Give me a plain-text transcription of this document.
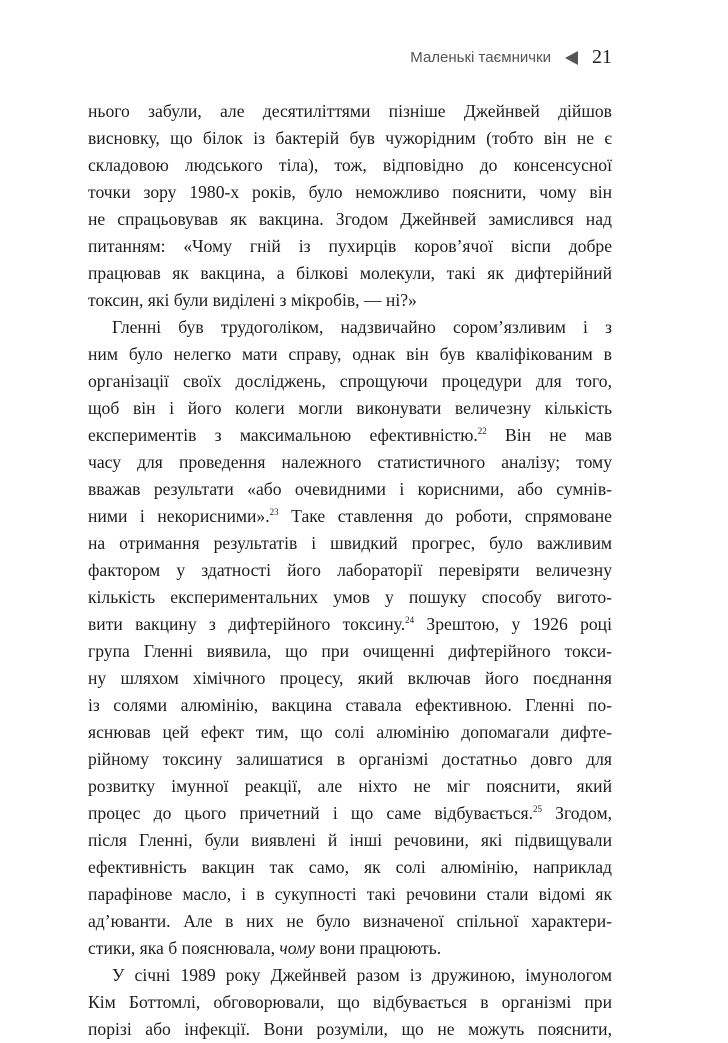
Маленькі таємнички 21
нього забули, але десятиліттями пізніше Джейнвей дійшов
висновку, що білок із бактерій був чужорідним (тобто він не є
складовою людського тіла), тож, відповідно до консенсусної
точки зору 1980-х років, було неможливо пояснити, чому він
не спрацьовував як вакцина. Згодом Джейнвей замислився над
питанням: «Чому гній із пухирців коров’ячої віспи добре
працював як вакцина, а білкові молекули, такі як дифтерійний
токсин, які були виділені з мікробів, — ні?»
Гленні був трудоголіком, надзвичайно сором’язливим і з
ним було нелегко мати справу, однак він був кваліфікованим в
організації своїх досліджень, спрощуючи процедури для того,
щоб він і його колеги могли виконувати величезну кількість
експериментів з максимальною ефективністю.$^{22}$ Він не мав
часу для проведення належного статистичного аналізу; тому
вважав результати «або очевидними і корисними, або сумнів-
ними і некорисними».$^{23}$ Таке ставлення до роботи, спрямоване
на отримання результатів і швидкий прогрес, було важливим
фактором у здатності його лабораторії перевіряти величезну
кількість експериментальних умов у пошуку способу вигото-
вити вакцину з дифтерійного токсину.$^{24}$ Зрештою, у 1926 році
група Гленні виявила, що при очищенні дифтерійного токси-
ну шляхом хімічного процесу, який включав його поєднання
із солями алюмінію, вакцина ставала ефективною. Гленні по-
яснював цей ефект тим, що солі алюмінію допомагали дифте-
рійному токсину залишатися в організмі достатньо довго для
розвитку імунної реакції, але ніхто не міг пояснити, який
процес до цього причетний і що саме відбувається.$^{25}$ Згодом,
після Гленні, були виявлені й інші речовини, які підвищували
ефективність вакцин так само, як солі алюмінію, наприклад
парафінове масло, і в сукупності такі речовини стали відомі як
ад’юванти. Але в них не було визначеної спільної характери-
стики, яка б пояснювала, чому вони працюють.
У січні 1989 року Джейнвей разом із дружиною, імунологом
Кім Боттомлі, обговорювали, що відбувається в організмі при
порізі або інфекції. Вони розуміли, що не можуть пояснити,
